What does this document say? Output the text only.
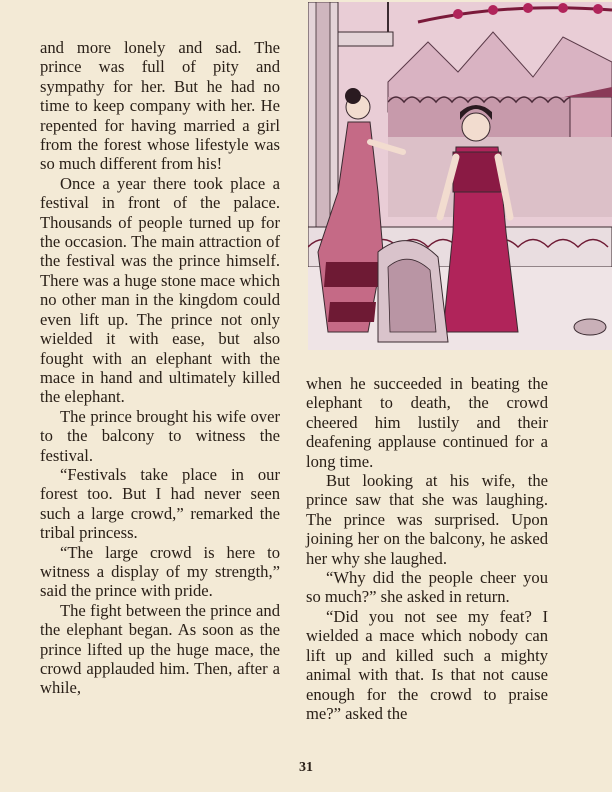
and more lonely and sad. The prince was full of pity and sympathy for her. But he had no time to keep company with her. He repented for having married a girl from the forest whose lifestyle was so much different from his!

Once a year there took place a festival in front of the palace. Thousands of people turned up for the occasion. The main attraction of the festival was the prince himself. There was a huge stone mace which no other man in the kingdom could even lift up. The prince not only wielded it with ease, but also fought with an elephant with the mace in hand and ultimately killed the elephant.

The prince brought his wife over to the balcony to witness the festival.

“Festivals take place in our forest too. But I had never seen such a large crowd,” remarked the tribal princess.

“The large crowd is here to witness a display of my strength,” said the prince with pride.

The fight between the prince and the elephant began. As soon as the prince lifted up the huge mace, the crowd applauded him. Then, after a while,

when he succeeded in beating the elephant to death, the crowd cheered him lustily and their deafening applause continued for a long time.

But looking at his wife, the prince saw that she was laughing. The prince was surprised. Upon joining her on the balcony, he asked her why she laughed.

“Why did the people cheer you so much?” she asked in return.

“Did you not see my feat? I wielded a mace which nobody can lift up and killed such a mighty animal with that. Is that not cause enough for the crowd to praise me?” asked the

31
